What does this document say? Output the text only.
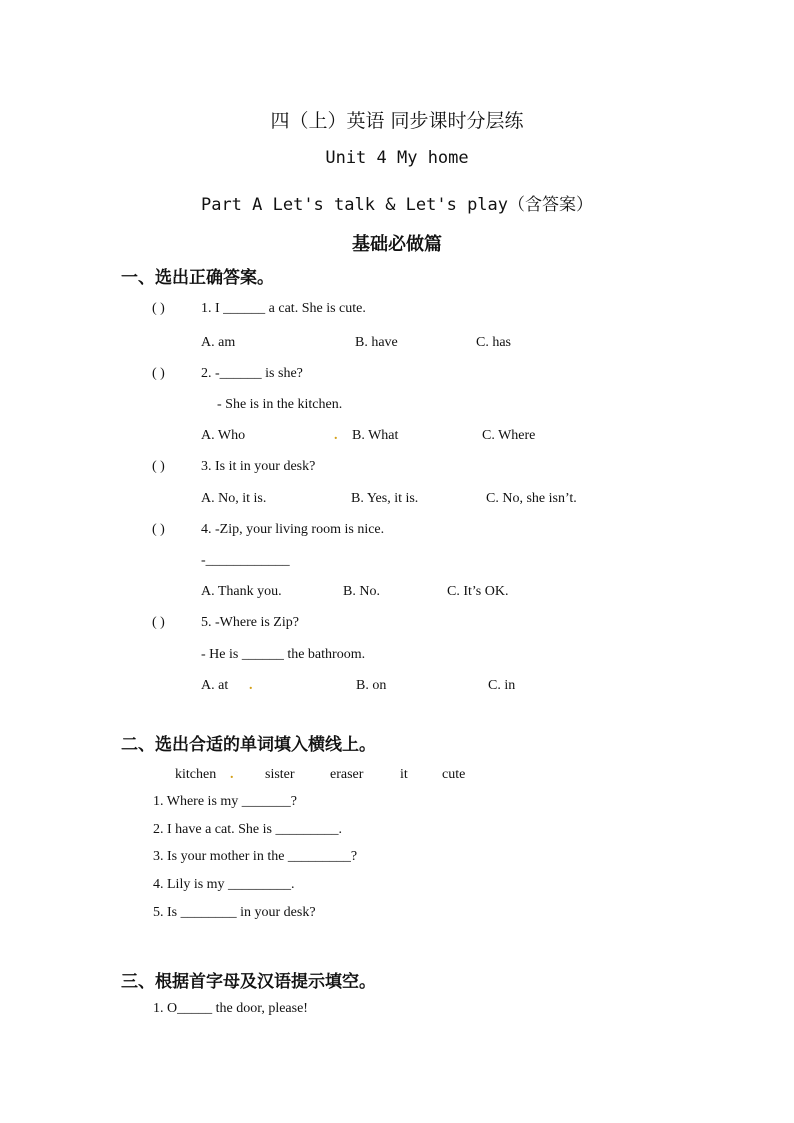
四（上）英语 同步课时分层练
Unit 4 My home
Part A Let's talk & Let's play（含答案）
基础必做篇
一、选出正确答案。
( )	1. I ______ a cat. She is cute.
A. am	B. have	C. has
( )	2. -______ is she?
- She is in the kitchen.
A. Who	. B. What	C. Where
( )	3. Is it in your desk?
A. No, it is.	B. Yes, it is.	C. No, she isn’t.
( )	4. -Zip, your living room is nice.
-____________
A. Thank you.	B. No.	C. It’s OK.
( )	5. -Where is Zip?
- He is ______ the bathroom.
A. at .	B. on	C. in
二、选出合适的单词填入横线上。
kitchen . sister	eraser	it cute
1. Where is my _______?
2. I have a cat. She is _________.
3. Is your mother in the _________?
4. Lily is my _________.
5. Is ________ in your desk?
三、根据首字母及汉语提示填空。
1. O_____ the door, please!
